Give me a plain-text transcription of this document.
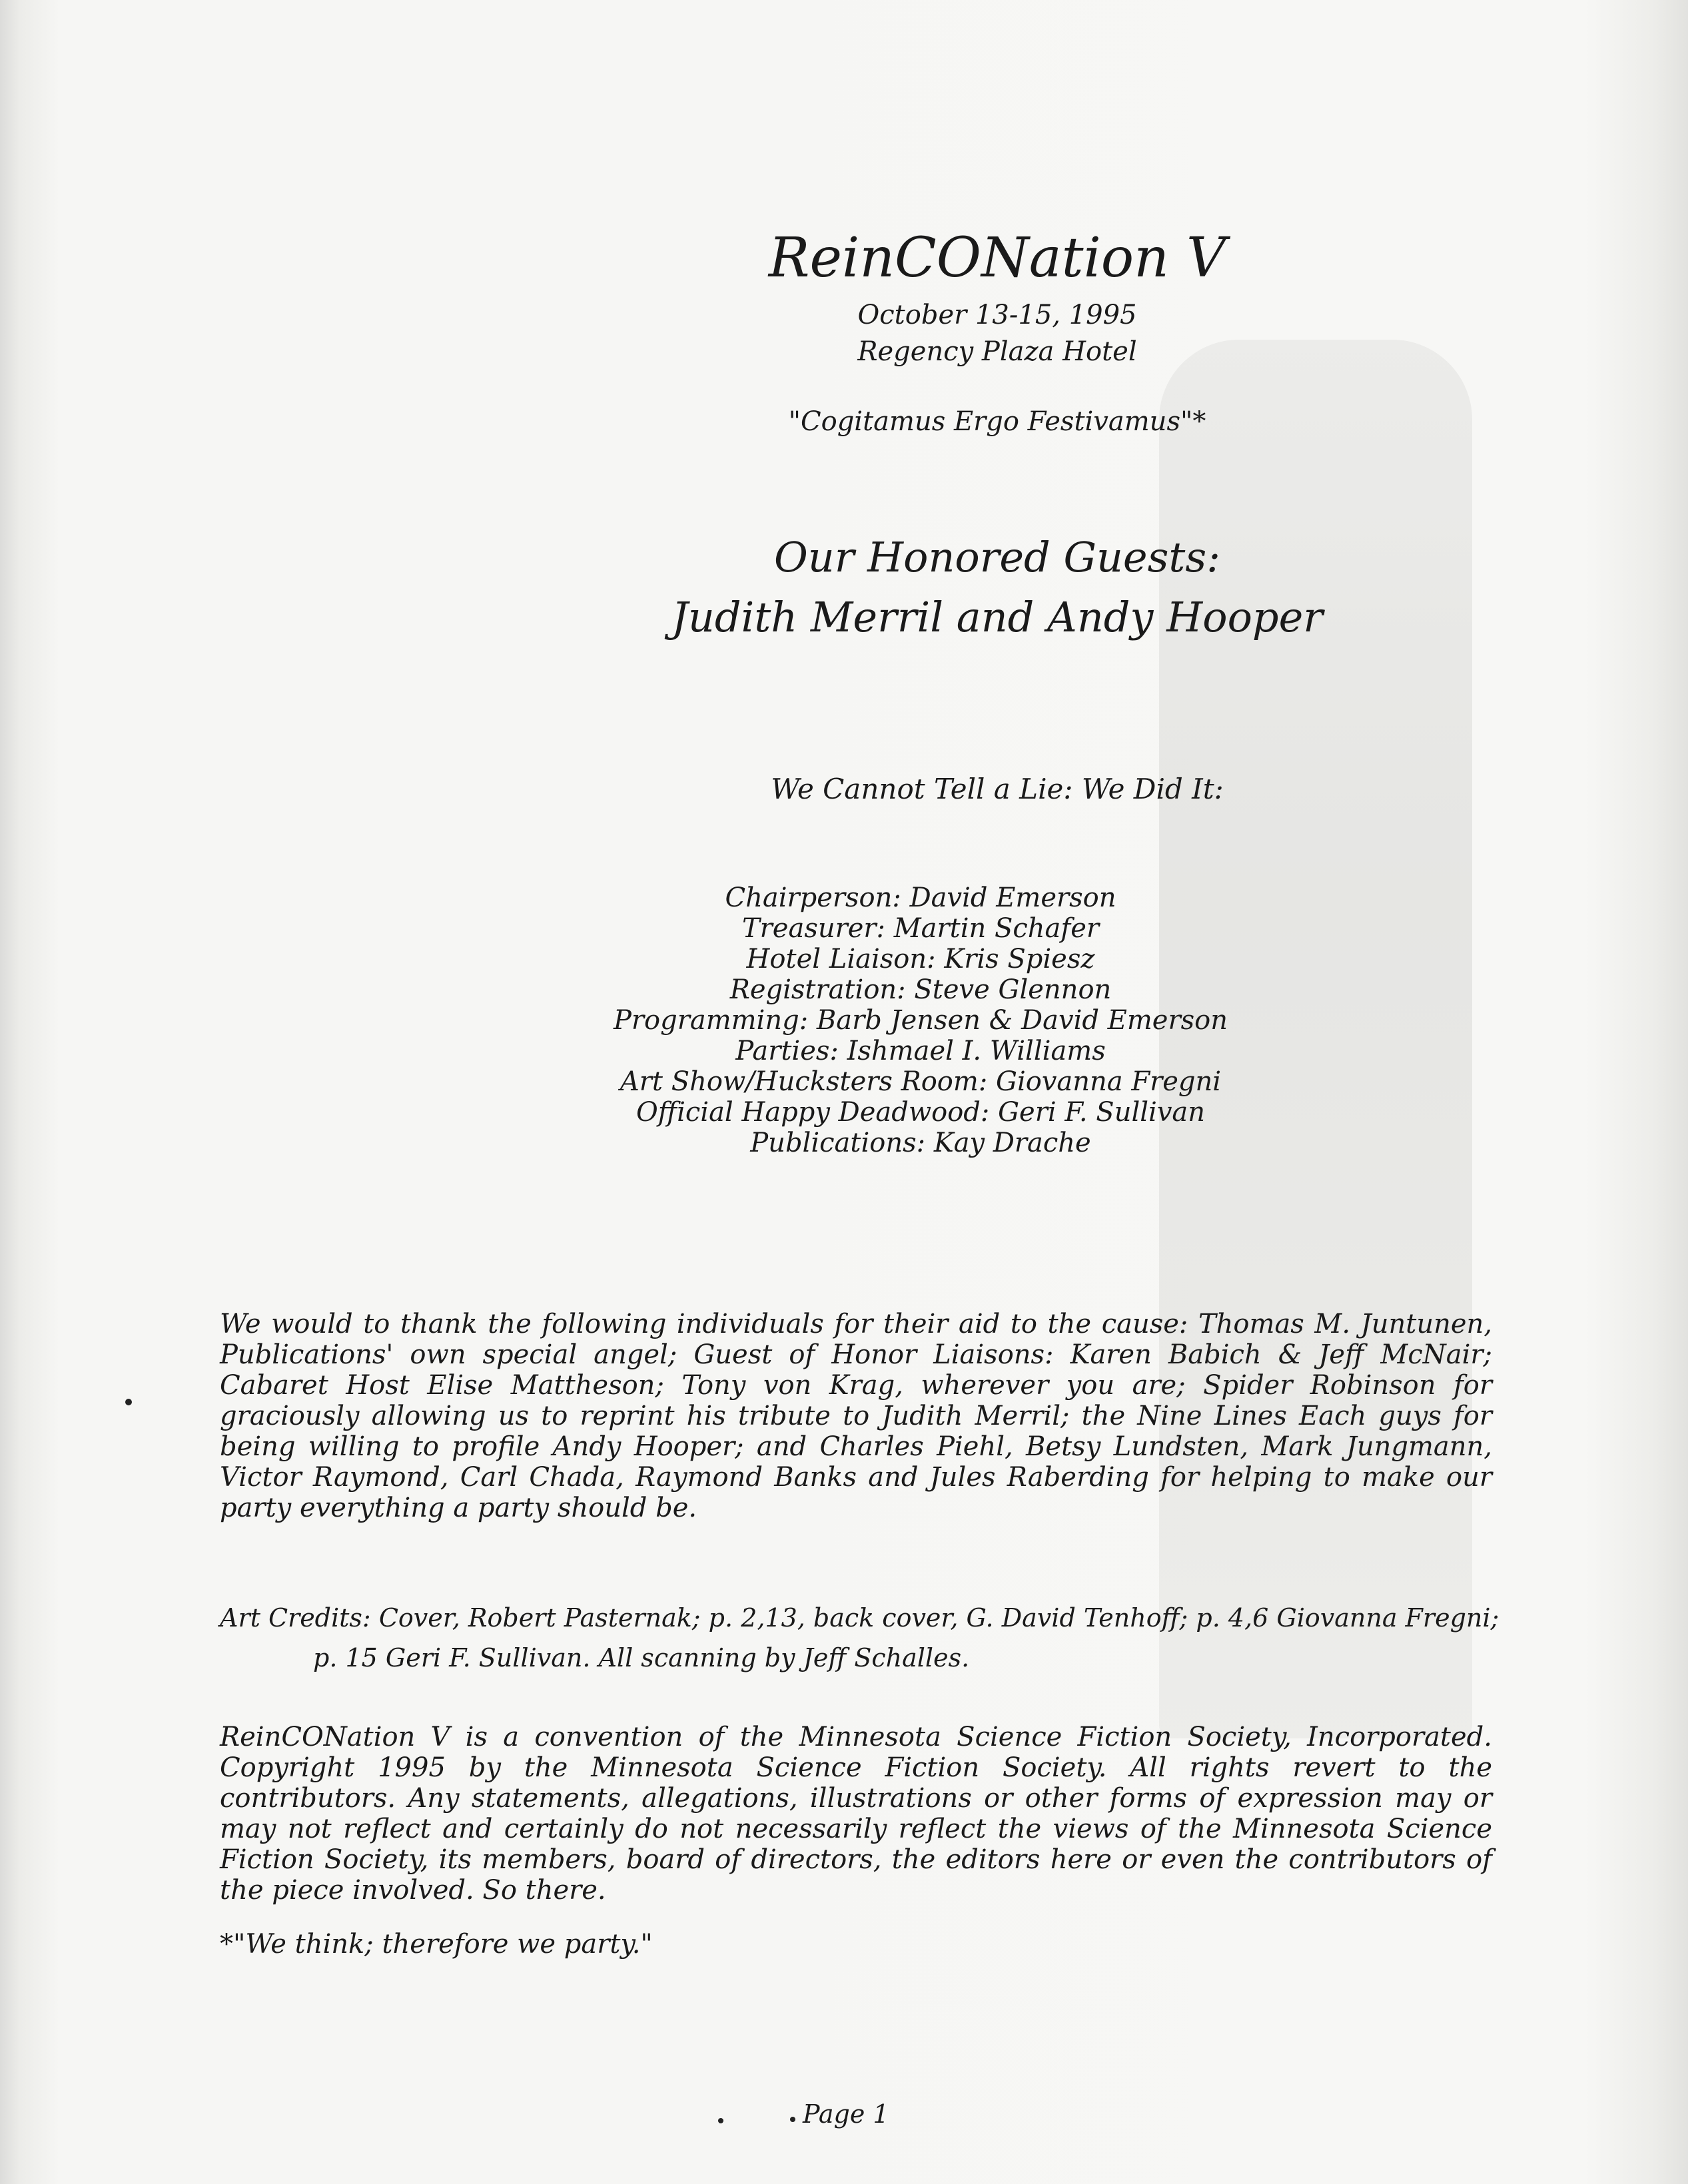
ReinCONation V
October 13-15, 1995
Regency Plaza Hotel
"Cogitamus Ergo Festivamus"*
Our Honored Guests:
Judith Merril and Andy Hooper
We Cannot Tell a Lie: We Did It:
Chairperson: David Emerson
Treasurer: Martin Schafer
Hotel Liaison: Kris Spiesz
Registration: Steve Glennon
Programming: Barb Jensen & David Emerson
Parties: Ishmael I. Williams
Art Show/Hucksters Room: Giovanna Fregni
Official Happy Deadwood: Geri F. Sullivan
Publications: Kay Drache
We would to thank the following individuals for their aid to the cause: Thomas M. Juntunen, Publications' own special angel; Guest of Honor Liaisons: Karen Babich & Jeff McNair; Cabaret Host Elise Mattheson; Tony von Krag, wherever you are; Spider Robinson for graciously allowing us to reprint his tribute to Judith Merril; the Nine Lines Each guys for being willing to profile Andy Hooper; and Charles Piehl, Betsy Lundsten, Mark Jungmann, Victor Raymond, Carl Chada, Raymond Banks and Jules Raberding for helping to make our party everything a party should be.
Art Credits: Cover, Robert Pasternak; p. 2,13, back cover, G. David Tenhoff; p. 4,6 Giovanna Fregni;
p. 15 Geri F. Sullivan. All scanning by Jeff Schalles.
ReinCONation V is a convention of the Minnesota Science Fiction Society, Incorporated. Copyright 1995 by the Minnesota Science Fiction Society. All rights revert to the contributors. Any statements, allegations, illustrations or other forms of expression may or may not reflect and certainly do not necessarily reflect the views of the Minnesota Science Fiction Society, its members, board of directors, the editors here or even the contributors of the piece involved. So there.
*"We think; therefore we party."
Page 1
